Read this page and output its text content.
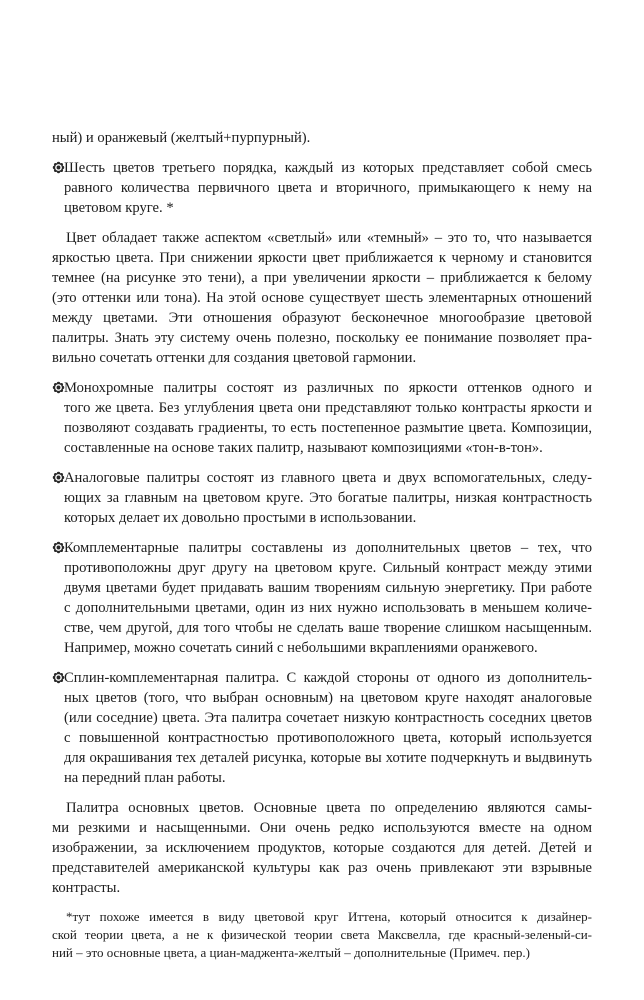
ный) и оранжевый (желтый+пурпурный).
Шесть цветов третьего порядка, каждый из которых представляет собой смесь
равного количества первичного цвета и вторичного, примыкающего к нему на
цветовом круге. *
Цвет обладает также аспектом «светлый» или «темный» – это то, что называется
яркостью цвета. При снижении яркости цвет приближается к черному и становится
темнее (на рисунке это тени), а при увеличении яркости – приближается к белому
(это оттенки или тона). На этой основе существует шесть элементарных отношений
между цветами. Эти отношения образуют бесконечное многообразие цветовой
палитры. Знать эту систему очень полезно, поскольку ее понимание позволяет пра-
вильно сочетать оттенки для создания цветовой гармонии.
Монохромные палитры состоят из различных по яркости оттенков одного и
того же цвета. Без углубления цвета они представляют только контрасты яркости и
позволяют создавать градиенты, то есть постепенное размытие цвета. Композиции,
составленные на основе таких палитр, называют композициями «тон-в-тон».
Аналоговые палитры состоят из главного цвета и двух вспомогательных, следу-
ющих за главным на цветовом круге. Это богатые палитры, низкая контрастность
которых делает их довольно простыми в использовании.
Комплементарные палитры составлены из дополнительных цветов – тех, что
противоположны друг другу на цветовом круге. Сильный контраст между этими
двумя цветами будет придавать вашим творениям сильную энергетику. При работе
с дополнительными цветами, один из них нужно использовать в меньшем количе-
стве, чем другой, для того чтобы не сделать ваше творение слишком насыщенным.
Например, можно сочетать синий с небольшими вкраплениями оранжевого.
Сплин-комплементарная палитра. С каждой стороны от одного из дополнитель-
ных цветов (того, что выбран основным) на цветовом круге находят аналоговые
(или соседние) цвета. Эта палитра сочетает низкую контрастность соседних цветов
с повышенной контрастностью противоположного цвета, который используется
для окрашивания тех деталей рисунка, которые вы хотите подчеркнуть и выдвинуть
на передний план работы.
Палитра основных цветов. Основные цвета по определению являются самы-
ми резкими и насыщенными. Они очень редко используются вместе на одном
изображении, за исключением продуктов, которые создаются для детей. Детей и
представителей американской культуры как раз очень привлекают эти взрывные
контрасты.
*тут похоже имеется в виду цветовой круг Иттена, который относится к дизайнер-
ской теории цвета, а не к физической теории света Максвелла, где красный-зеленый-си-
ний – это основные цвета, а циан-маджента-желтый – дополнительные (Примеч. пер.)
